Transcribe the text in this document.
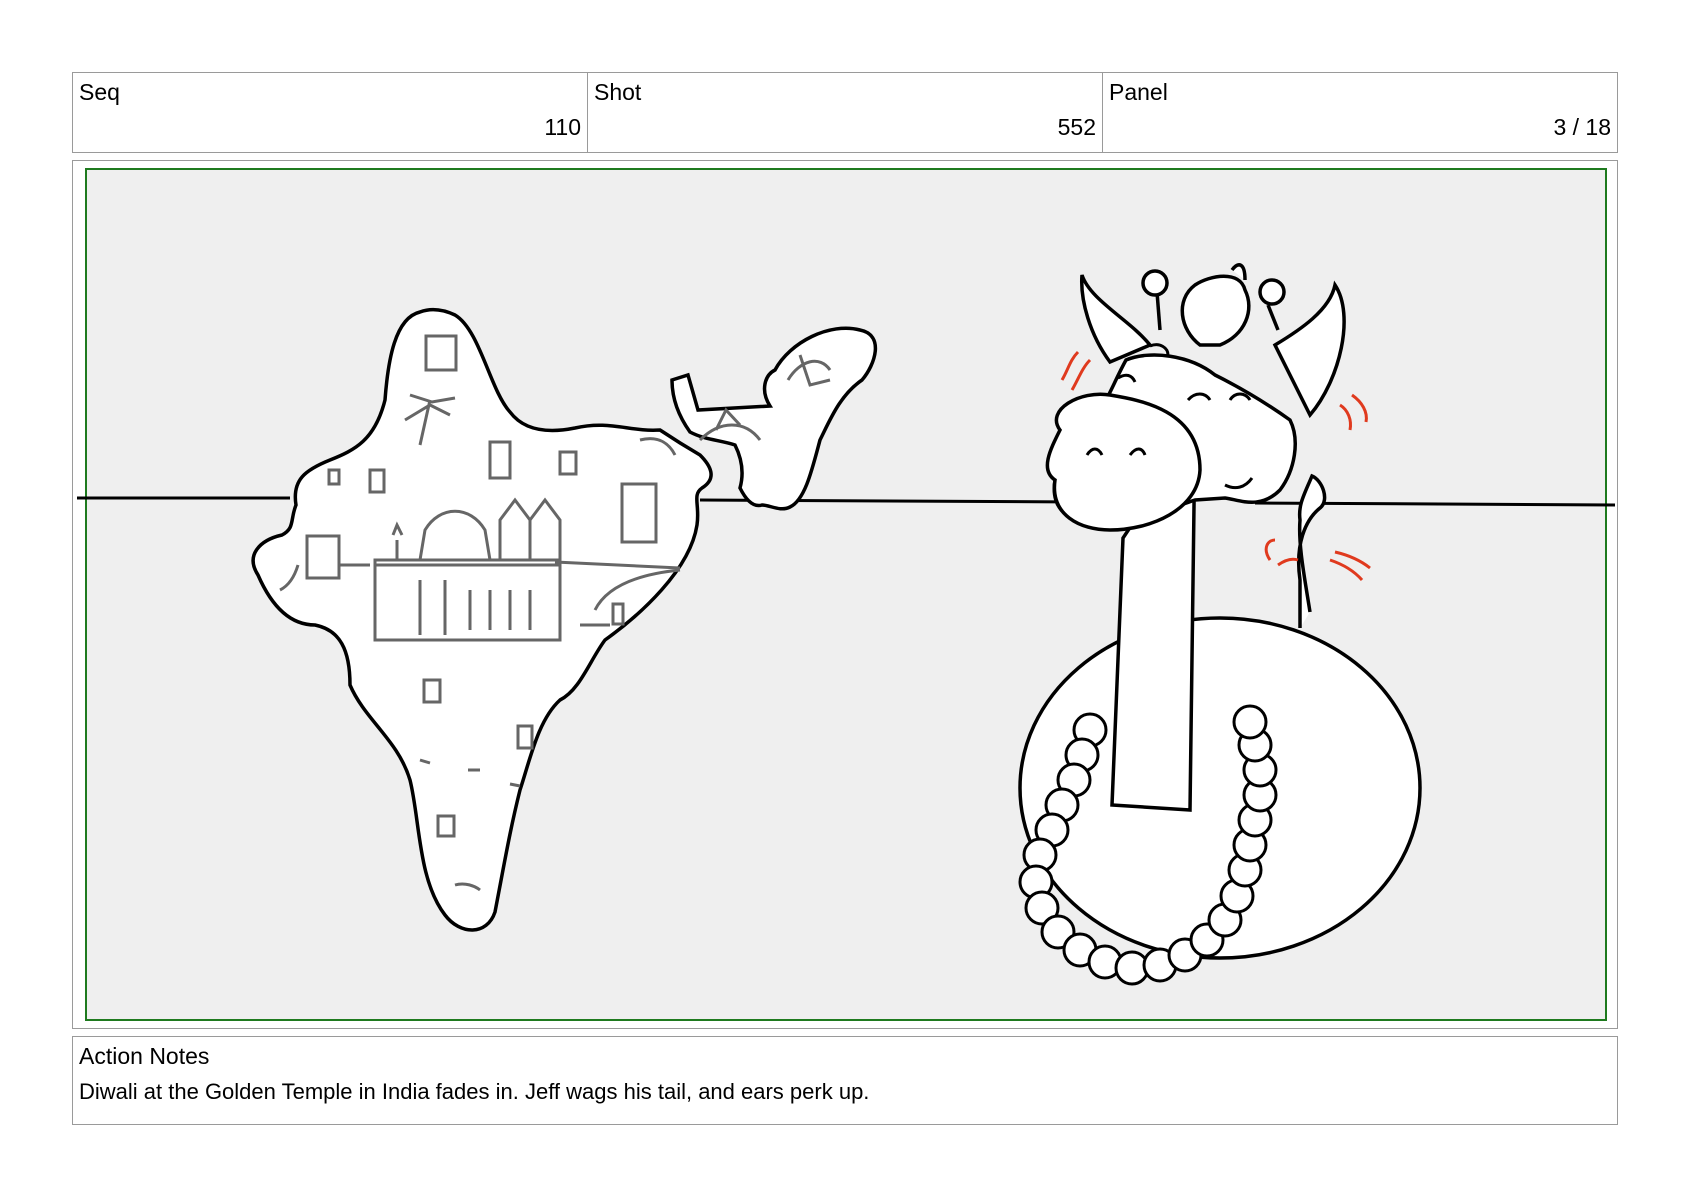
Seq
110
Shot
552
Panel
3 / 18
Action Notes
Diwali at the Golden Temple in India fades in. Jeff wags his tail, and ears perk up.
